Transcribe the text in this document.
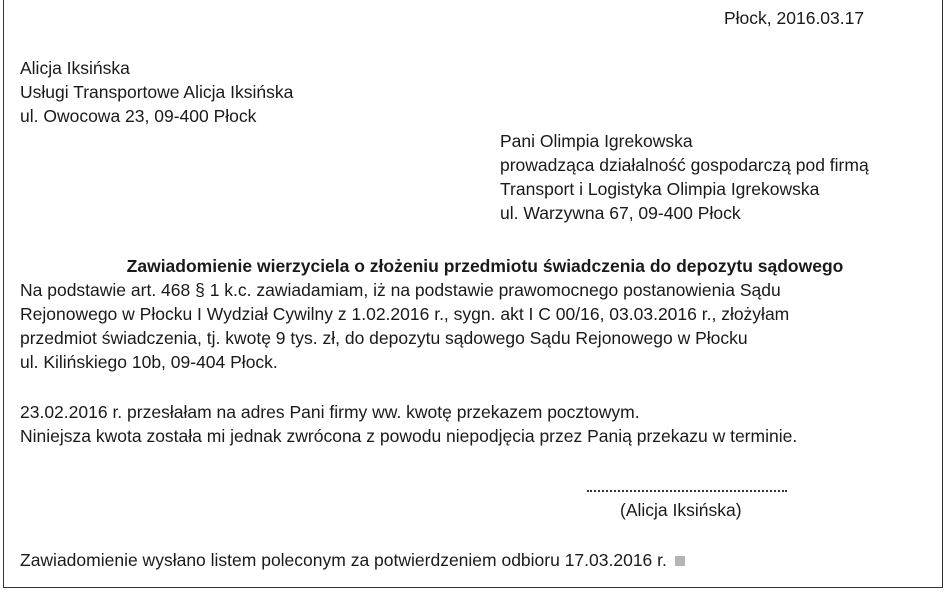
Płock, 2016.03.17
Alicja Iksińska
Usługi Transportowe Alicja Iksińska
ul. Owocowa 23, 09-400 Płock
Pani Olimpia Igrekowska
prowadząca działalność gospodarczą pod firmą
Transport i Logistyka Olimpia Igrekowska
ul. Warzywna 67, 09-400 Płock
Zawiadomienie wierzyciela o złożeniu przedmiotu świadczenia do depozytu sądowego
Na podstawie art. 468 § 1 k.c. zawiadamiam, iż na podstawie prawomocnego postanowienia Sądu
Rejonowego w Płocku I Wydział Cywilny z 1.02.2016 r., sygn. akt I C 00/16, 03.03.2016 r., złożyłam
przedmiot świadczenia, tj. kwotę 9 tys. zł, do depozytu sądowego Sądu Rejonowego w Płocku
ul. Kilińskiego 10b, 09-404 Płock.
23.02.2016 r. przesłałam na adres Pani firmy ww. kwotę przekazem pocztowym.
Niniejsza kwota została mi jednak zwrócona z powodu niepodjęcia przez Panią przekazu w terminie.
(Alicja Iksińska)
Zawiadomienie wysłano listem poleconym za potwierdzeniem odbioru 17.03.2016 r.
